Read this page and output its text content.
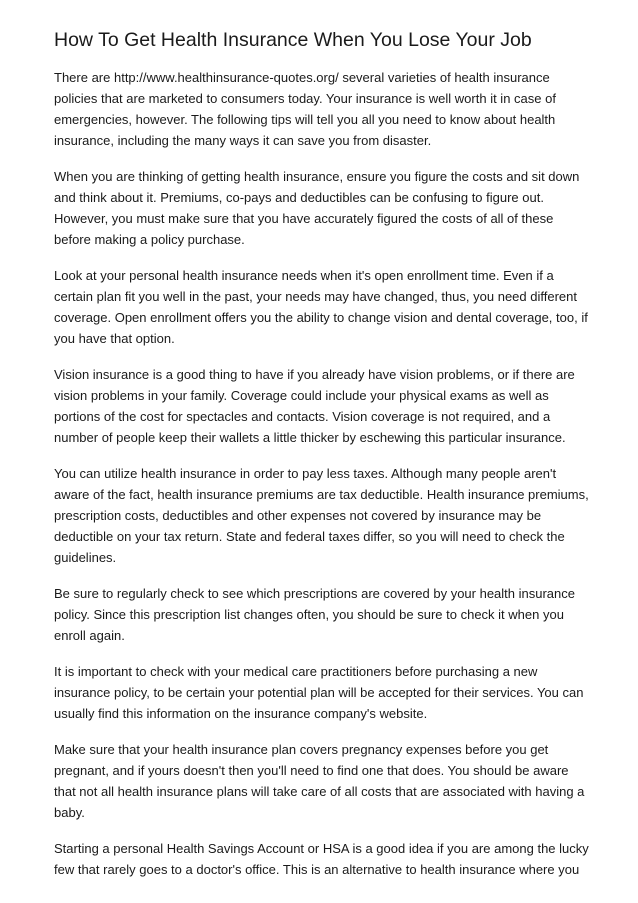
How To Get Health Insurance When You Lose Your Job

There are http://www.healthinsurance-quotes.org/ several varieties of health insurance
policies that are marketed to consumers today. Your insurance is well worth it in case of
emergencies, however. The following tips will tell you all you need to know about health
insurance, including the many ways it can save you from disaster.

When you are thinking of getting health insurance, ensure you figure the costs and sit down
and think about it. Premiums, co-pays and deductibles can be confusing to figure out.
However, you must make sure that you have accurately figured the costs of all of these
before making a policy purchase.

Look at your personal health insurance needs when it's open enrollment time. Even if a
certain plan fit you well in the past, your needs may have changed, thus, you need different
coverage. Open enrollment offers you the ability to change vision and dental coverage, too, if
you have that option.

Vision insurance is a good thing to have if you already have vision problems, or if there are
vision problems in your family. Coverage could include your physical exams as well as
portions of the cost for spectacles and contacts. Vision coverage is not required, and a
number of people keep their wallets a little thicker by eschewing this particular insurance.

You can utilize health insurance in order to pay less taxes. Although many people aren't
aware of the fact, health insurance premiums are tax deductible. Health insurance premiums,
prescription costs, deductibles and other expenses not covered by insurance may be
deductible on your tax return. State and federal taxes differ, so you will need to check the
guidelines.

Be sure to regularly check to see which prescriptions are covered by your health insurance
policy. Since this prescription list changes often, you should be sure to check it when you
enroll again.

It is important to check with your medical care practitioners before purchasing a new
insurance policy, to be certain your potential plan will be accepted for their services. You can
usually find this information on the insurance company's website.

Make sure that your health insurance plan covers pregnancy expenses before you get
pregnant, and if yours doesn't then you'll need to find one that does. You should be aware
that not all health insurance plans will take care of all costs that are associated with having a
baby.

Starting a personal Health Savings Account or HSA is a good idea if you are among the lucky
few that rarely goes to a doctor's office. This is an alternative to health insurance where you
